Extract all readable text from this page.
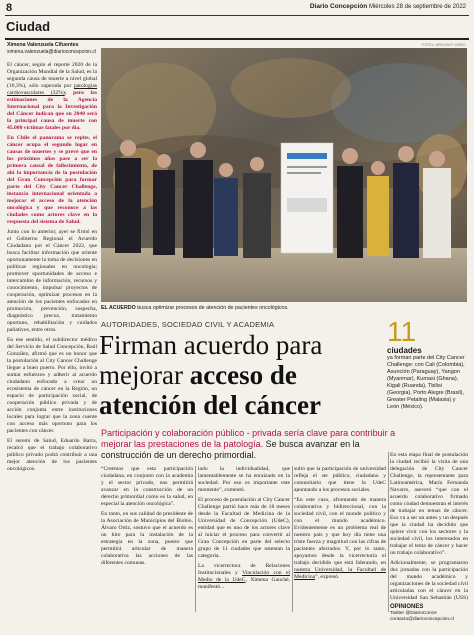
8	Diario Concepción Miércoles 28 de septiembre de 2022
Ciudad
Ximena Valenzuela Cifuentes
ximena.valenzuela@diarioconcepcion.cl

El cáncer, según el reporte 2020 de la Organización Mundial de la Salud, es la segunda causa de muerte a nivel global (16,3%), sólo superada por patologías cardiovasculares (32%); pero las estimaciones de la Agencia Internacional para la Investigación del Cáncer indican que en 2040 será la principal causa de muerte con 45.000 víctimas fatales por día.

En Chile el panorama se repite, el cáncer ocupa el segundo lugar en causas de muertes y se prevé que en los próximos años pase a ser la primera causal de fallecimiento, de ahí la importancia de la postulación del Gran Concepción para formar parte del City Cancer Challenge, instancia internacional orientada a mejorar el acceso de la atención oncológica y que reconoce a las ciudades como actores clave en la respuesta del sistema de Salud.

Junto con lo anterior, ayer se firmó en el Gobierno Regional el Acuerdo Ciudadano por el Cáncer 2022, que busca facilitar información que oriente oportunamente la toma de decisiones en políticas regionales en oncología; promover oportunidades de acceso e intercambio de información, recursos y conocimiento, impulsar proyectos de cooperación, optimizar procesos en la atención de los pacientes enfocados en promoción, prevención, sospecha, diagnóstico precoz, tratamiento oportuno, rehabilitación y cuidados paliativos, entre otros.

En ese sentido, el subdirector médico del Servicio de Salud Concepción, Raúl González, afirmó que es un honor que la postulación al City Cancer Challenge llegue a buen puerto. Por ello, invitó a sumar esfuerzos y adherir al acuerdo ciudadano enfocado a crear un ecosistema de cáncer en la Región, un espacio de participación social, de cooperación público privada y de acción conjunta entre instituciones locales para lograr que la zona cuente con acceso más oportuno para los pacientes con cáncer.

El seremi de Salud, Eduardo Barra, recalcó que el trabajo colaborativo público privado podrá contribuir a una mejor atención de los pacientes oncológicos.

FOTO: ARCHIVO UDEC
EL ACUERDO busca optimizar procesos de atención de pacientes oncológicos.
AUTORIDADES, SOCIEDAD CIVIL Y ACADEMIA
Firman acuerdo para
mejorar acceso de
atención del cáncer
11
ciudades
ya forman parte del City Cancer Challenge: con Cali (Colombia), Asunción (Paraguay), Yangon (Myanmar), Kumasi (Ghana), Kigali (Ruanda), Tbilisi (Georgia), Porto Alegre (Brasil), Greater Petaling (Malasia) y León (México).
Participación y colaboración público - privada sería clave para contribuir a mejorar las prestaciones de la patología. Se busca avanzar en la construcción de un derecho primordial.

“Creemos que esta participación ciudadana, en conjunto con la academia y el sector privado, nos permitirá avanzar en la construcción de un derecho primordial como es la salud, en especial la atención oncológica”.

En tanto, en sus calidad de presidente de la Asociación de Municipios del Biobío, Álvaro Ortiz, sostuvo que el acuerdo es un hito para la instalación de la estrategia en la zona, puesto que permitirá articular de manera colaborativa las acciones de las diferentes comunas.

lado la individualidad, que lamentablemente se ha enraizado en la sociedad. Por eso es importante este momento”, comentó.

El proceso de postulación al City Cancer Challenge partió hace más de 18 meses desde la Facultad de Medicina de la Universidad de Concepción (UdeC), entidad que es uno de los actores clave al iniciar el proceso para convertir al Gran Concepción en parte del selecto grupo de 11 ciudades que ostentan la categoría.

La vicerrectora de Relaciones Institucionales y Vinculación con el Medio de la UdeC, Ximena Gauché, manifestó...

sultó que la participación de universidad refleja el ser público, ciudadano y comunitario que tiene la UdeC apuntando a los procesos sociales.

“En este caso, afrontando de manera colaborativa y bidireccional, con la sociedad civil, con el mundo político y con el mundo académico. Evidentemente es un problema real de nuestro país y que hoy día tiene una triste fuerza y magnitud con las cifras de pacientes afectados. Y, por lo tanto, apoyamos desde la vicerrectoría el trabajo decidido que está liderando, en nuestra Universidad, la Facultad de Medicina”, expresó.

En esta etapa final de postulación la ciudad recibió la visita de una delegación de City Cancer Challenge, la representante para Latinoamérica, María Fernanda Navarro, aseveró “que con el acuerdo colaborativo firmado como ciudad demuestran el interés de trabajar en temas de cáncer. Eso va a ser un antes y un después que la ciudad ha decidido que quiere vivir con los sectores y la sociedad civil, los interesados en trabajar el tema de cáncer y hacer un trabajo colaborativo”.

Adicionalmente, se programaron dos jornadas con la participación del mundo académico y organizaciones de la sociedad civil articuladas con el cáncer en la Universidad San Sebastián (USS)

OPINIONES
Twitter @DiarioConce
contacto@diarioconcepcion.cl
